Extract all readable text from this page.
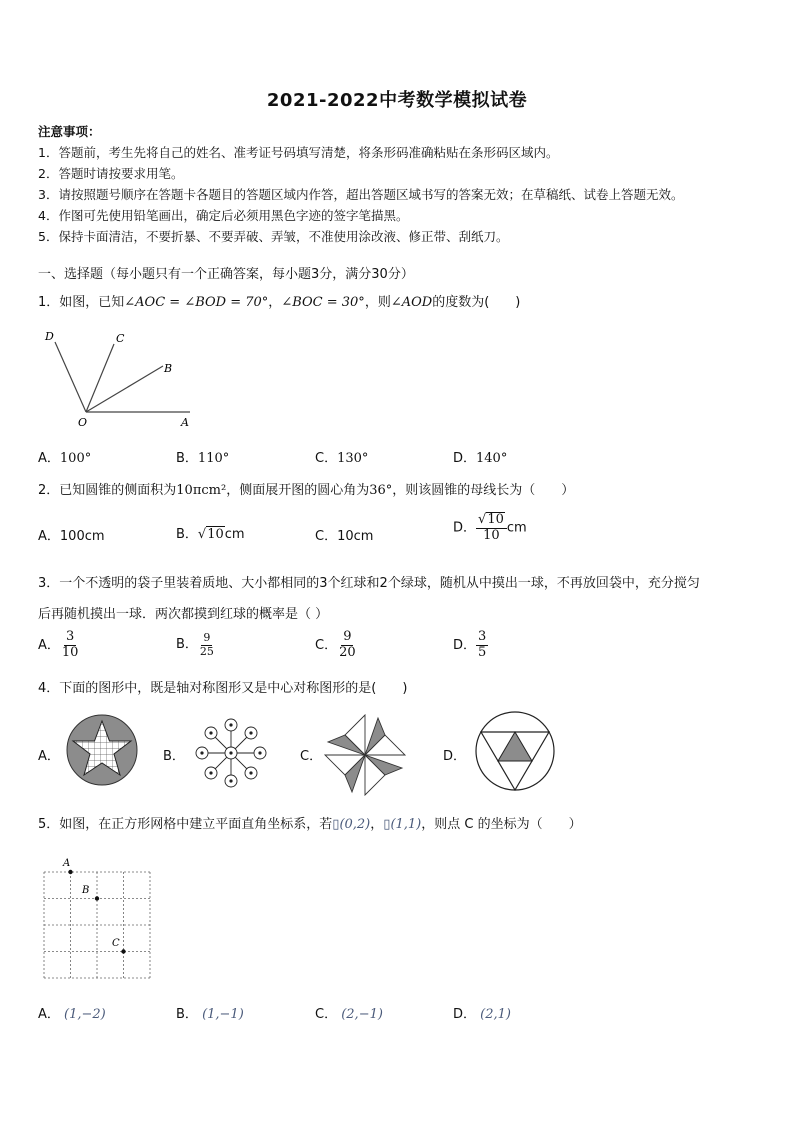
2021-2022中考数学模拟试卷
注意事项：
1．答题前，考生先将自己的姓名、准考证号码填写清楚，将条形码准确粘贴在条形码区域内。
2．答题时请按要求用笔。
3．请按照题号顺序在答题卡各题目的答题区域内作答，超出答题区域书写的答案无效；在草稿纸、试卷上答题无效。
4．作图可先使用铅笔画出，确定后必须用黑色字迹的签字笔描黑。
5．保持卡面清洁，不要折暴、不要弄破、弄皱，不准使用涂改液、修正带、刮纸刀。
一、选择题（每小题只有一个正确答案，每小题3分，满分30分）
1．如图，已知∠AOC = ∠BOD = 70°，∠BOC = 30°，则∠AOD的度数为(　　)
D	C
B
O	A
A．100°	B．110°	C．130°	D．140°
2．已知圆锥的侧面积为10πcm²，侧面展开图的圆心角为36°，则该圆锥的母线长为（　　）
A．100cm	B．√10cm	C．10cm
D． $\frac{√10}{10}$ cm
3．一个不透明的袋子里装着质地、大小都相同的3个红球和2个绿球，随机从中摸出一球，不再放回袋中，充分搅匀
后再随机摸出一球．两次都摸到红球的概率是（ ）
A． $\frac{3}{10}$	B． $\frac{9}{25}$	C． $\frac{9}{20}$	D． $\frac{3}{5}$
4．下面的图形中，既是轴对称图形又是中心对称图形的是(　　)
A．	B．	C．	D．
5．如图，在正方形网格中建立平面直角坐标系，若▯(0,2)，▯(1,1)，则点 C 的坐标为（　　）
A
B
C
A． (1,−2)	B． (1,−1)	C． (2,−1)	D． (2,1)
